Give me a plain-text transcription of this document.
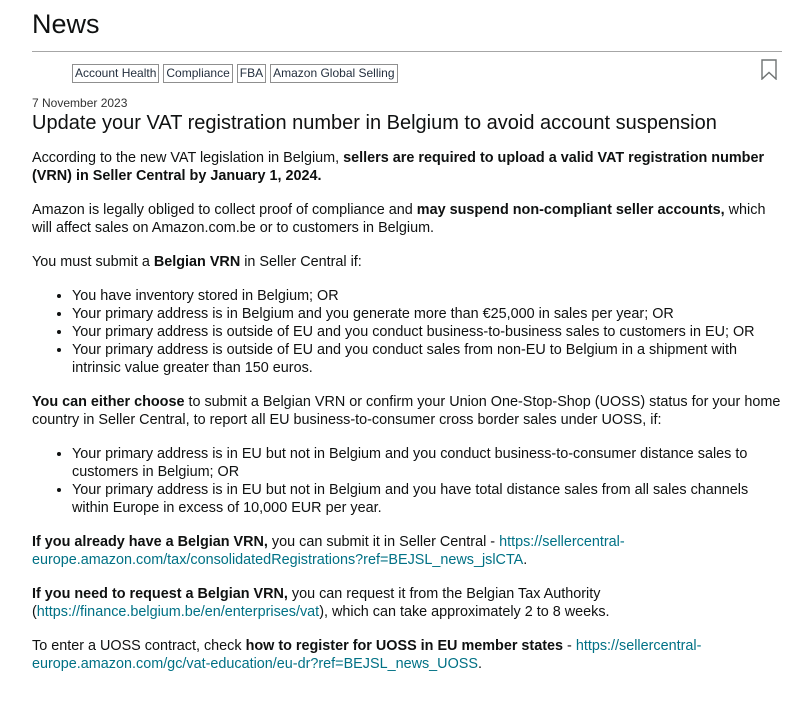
News
Account Health Compliance FBA Amazon Global Selling
7 November 2023
Update your VAT registration number in Belgium to avoid account suspension

According to the new VAT legislation in Belgium, sellers are required to upload a valid VAT registration number (VRN) in Seller Central by January 1, 2024.

Amazon is legally obliged to collect proof of compliance and may suspend non-compliant seller accounts, which will affect sales on Amazon.com.be or to customers in Belgium.

You must submit a Belgian VRN in Seller Central if:

• You have inventory stored in Belgium; OR
• Your primary address is in Belgium and you generate more than €25,000 in sales per year; OR
• Your primary address is outside of EU and you conduct business-to-business sales to customers in EU; OR
• Your primary address is outside of EU and you conduct sales from non-EU to Belgium in a shipment with intrinsic value greater than 150 euros.

You can either choose to submit a Belgian VRN or confirm your Union One-Stop-Shop (UOSS) status for your home country in Seller Central, to report all EU business-to-consumer cross border sales under UOSS, if:

• Your primary address is in EU but not in Belgium and you conduct business-to-consumer distance sales to customers in Belgium; OR
• Your primary address is in EU but not in Belgium and you have total distance sales from all sales channels within Europe in excess of 10,000 EUR per year.

If you already have a Belgian VRN, you can submit it in Seller Central - https://sellercentral-europe.amazon.com/tax/consolidatedRegistrations?ref=BEJSL_news_jslCTA.

If you need to request a Belgian VRN, you can request it from the Belgian Tax Authority (https://finance.belgium.be/en/enterprises/vat), which can take approximately 2 to 8 weeks.

To enter a UOSS contract, check how to register for UOSS in EU member states - https://sellercentral-europe.amazon.com/gc/vat-education/eu-dr?ref=BEJSL_news_UOSS.
